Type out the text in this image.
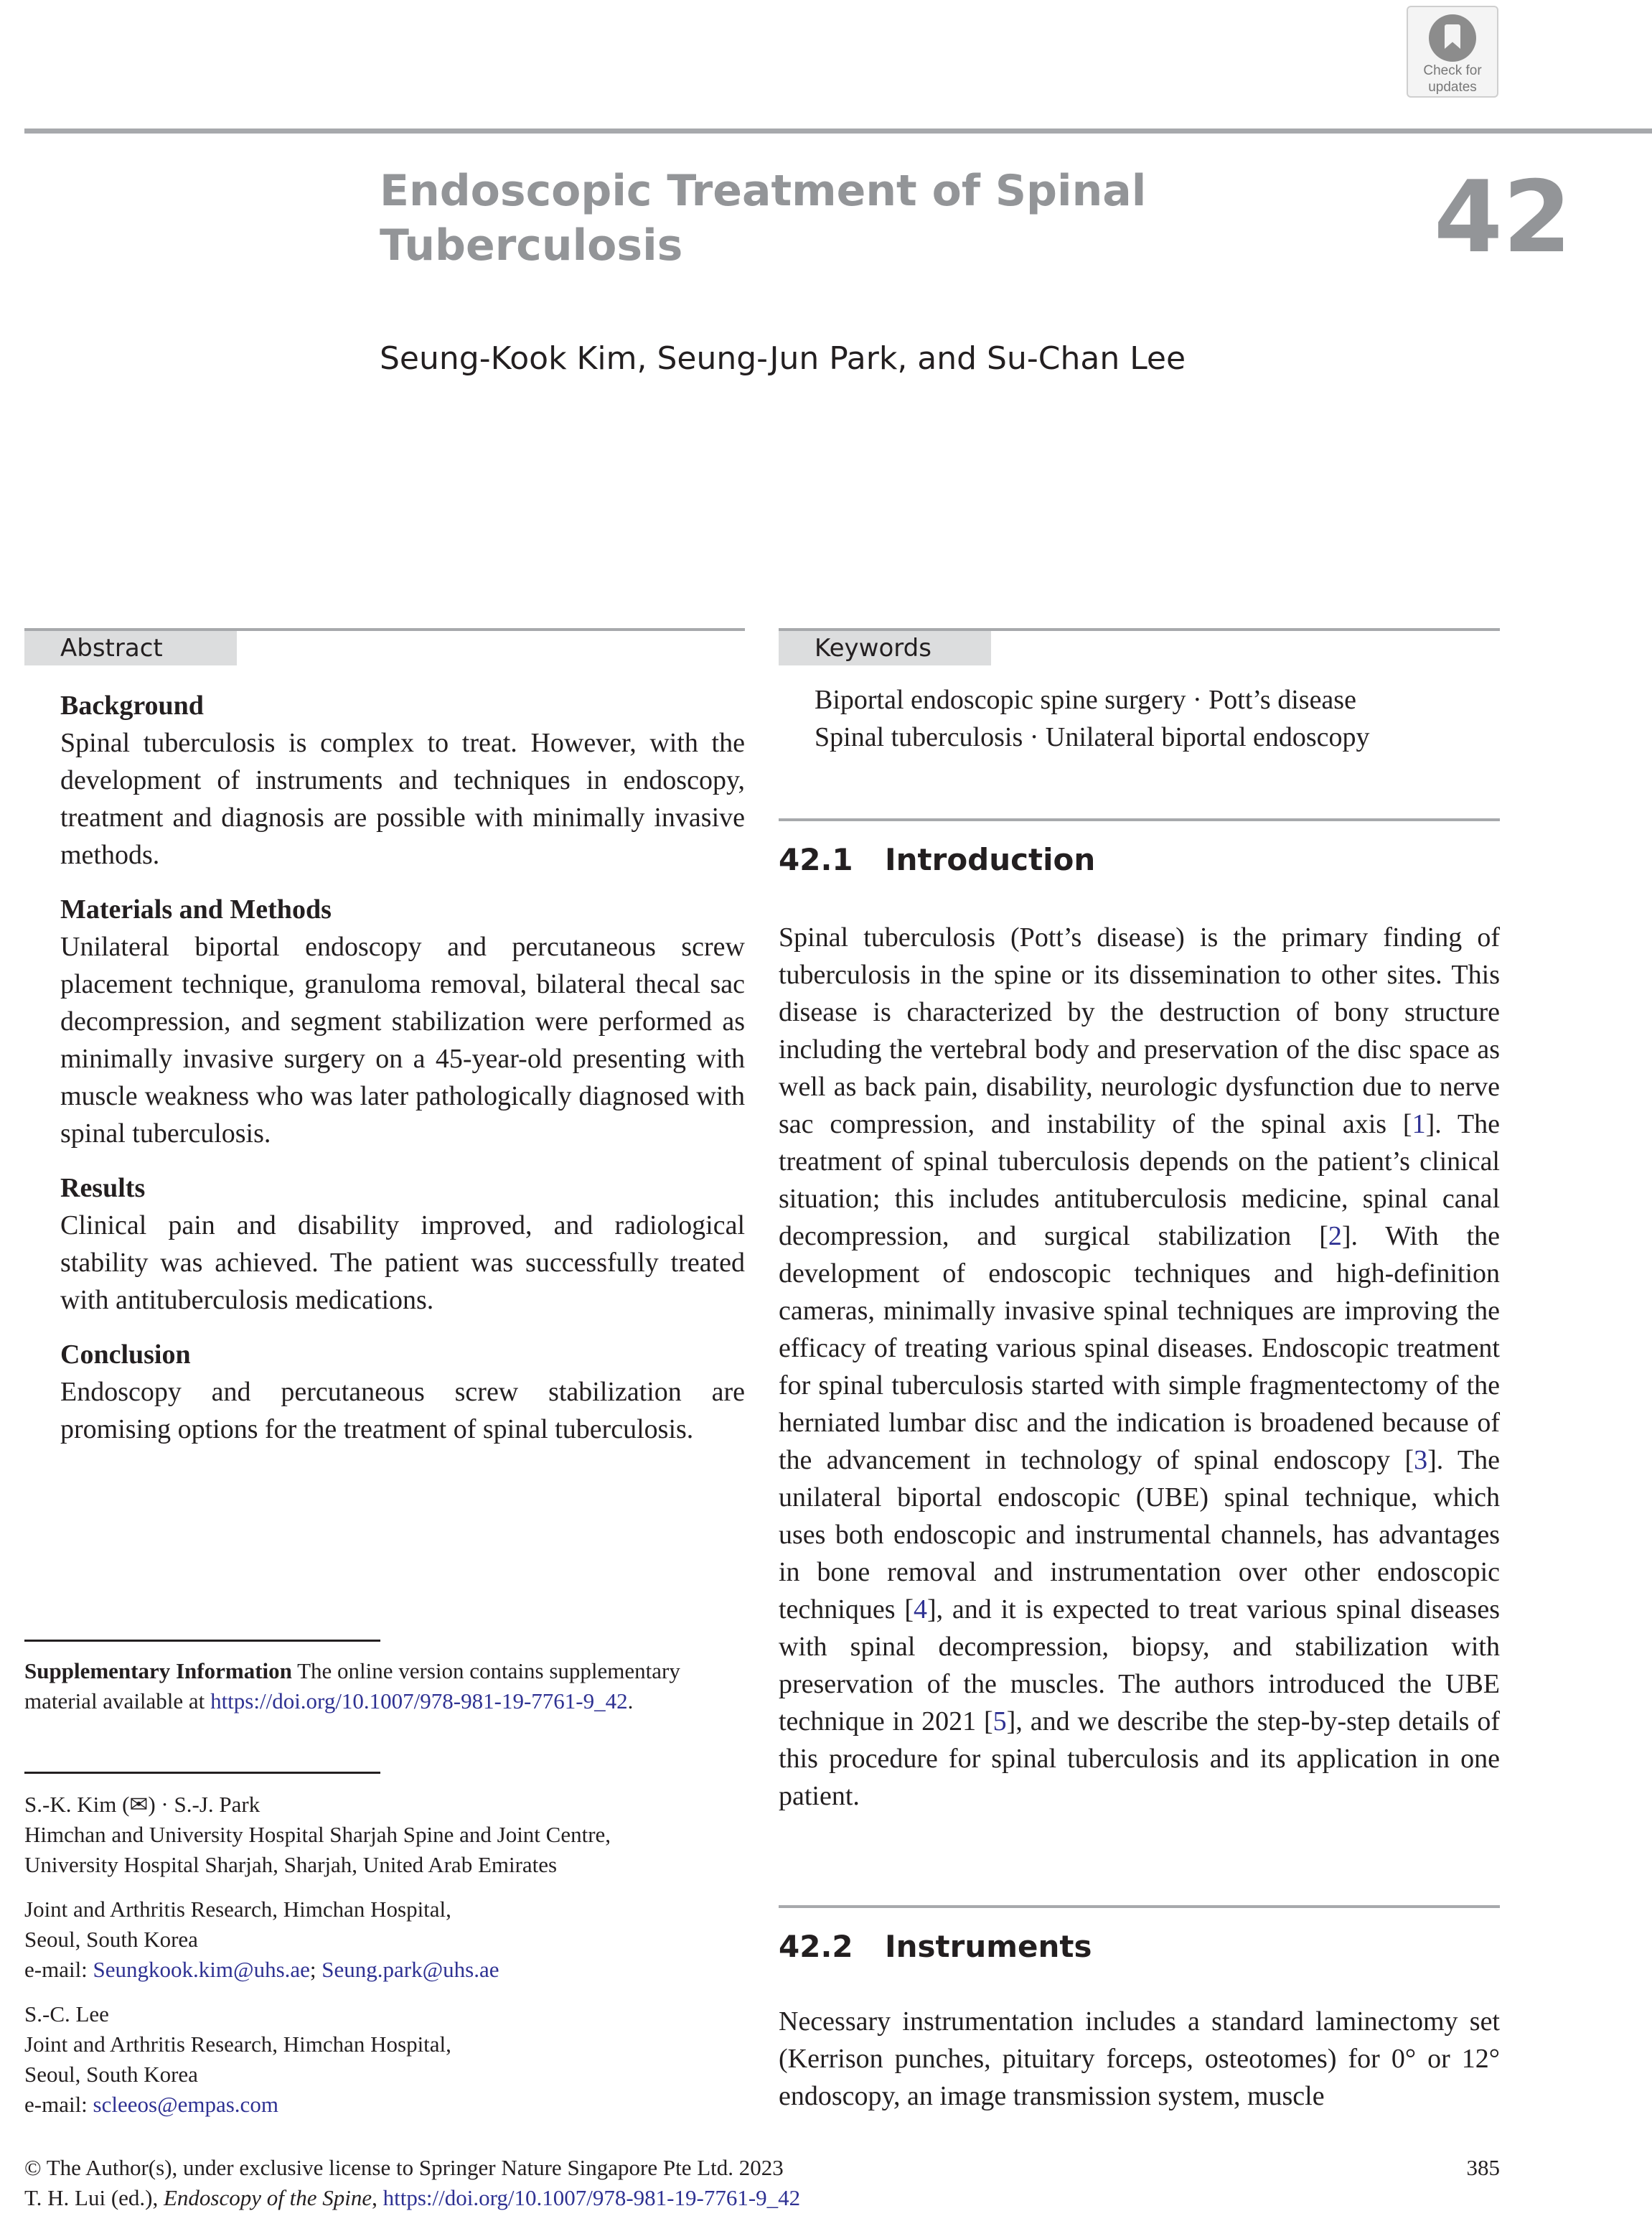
Check for
updates
Endoscopic Treatment of Spinal
Tuberculosis	42
Seung-Kook Kim, Seung-Jun Park, and Su-Chan Lee
Abstract

Background

Spinal tuberculosis is complex to treat. However, with the development of instruments and techniques in endoscopy, treatment and diagnosis are possible with minimally invasive methods.

Materials and Methods

Unilateral biportal endoscopy and percutaneous screw placement technique, granuloma removal, bilateral thecal sac decompression, and segment stabilization were performed as minimally invasive surgery on a 45-year-old presenting with muscle weakness who was later pathologically diagnosed with spinal tuberculosis.

Results

Clinical pain and disability improved, and radiological stability was achieved. The patient was successfully treated with antituberculosis medications.

Conclusion

Endoscopy and percutaneous screw stabilization are promising options for the treatment of spinal tuberculosis.

Keywords
Biportal endoscopic spine surgery · Pott’s disease
Spinal tuberculosis · Unilateral biportal endoscopy
42.1 Introduction

Spinal tuberculosis (Pott’s disease) is the primary finding of tuberculosis in the spine or its dissemination to other sites. This disease is characterized by the destruction of bony structure including the vertebral body and preservation of the disc space as well as back pain, disability, neurologic dysfunction due to nerve sac compression, and instability of the spinal axis [1]. The treatment of spinal tuberculosis depends on the patient’s clinical situation; this includes antituberculosis medicine, spinal canal decompression, and surgical stabilization [2]. With the development of endoscopic techniques and high-definition cameras, minimally invasive spinal techniques are improving the efficacy of treating various spinal diseases. Endoscopic treatment for spinal tuberculosis started with simple fragmentectomy of the herniated lumbar disc and the indication is broadened because of the advancement in technology of spinal endoscopy [3]. The unilateral biportal endoscopic (UBE) spinal technique, which uses both endoscopic and instrumental channels, has advantages in bone removal and instrumentation over other endoscopic techniques [4], and it is expected to treat various spinal diseases with spinal decompression, biopsy, and stabilization with preservation of the muscles. The authors introduced the UBE technique in 2021 [5], and we describe the step-by-step details of this procedure for spinal tuberculosis and its application in one patient.

42.2 Instruments

Necessary instrumentation includes a standard laminectomy set (Kerrison punches, pituitary forceps, osteotomes) for 0° or 12° endoscopy, an image transmission system, muscle

Supplementary Information The online version contains supplementary material available at https://doi.org/10.1007/978-981-19-7761-9_42.

S.-K. Kim (✉) · S.-J. Park

Himchan and University Hospital Sharjah Spine and Joint Centre,

University Hospital Sharjah, Sharjah, United Arab Emirates

Joint and Arthritis Research, Himchan Hospital,

Seoul, South Korea

e-mail: Seungkook.kim@uhs.ae; Seung.park@uhs.ae

S.-C. Lee

Joint and Arthritis Research, Himchan Hospital,

Seoul, South Korea

e-mail: scleeos@empas.com

© The Author(s), under exclusive license to Springer Nature Singapore Pte Ltd. 2023
T. H. Lui (ed.), Endoscopy of the Spine, https://doi.org/10.1007/978-981-19-7761-9_42
385
